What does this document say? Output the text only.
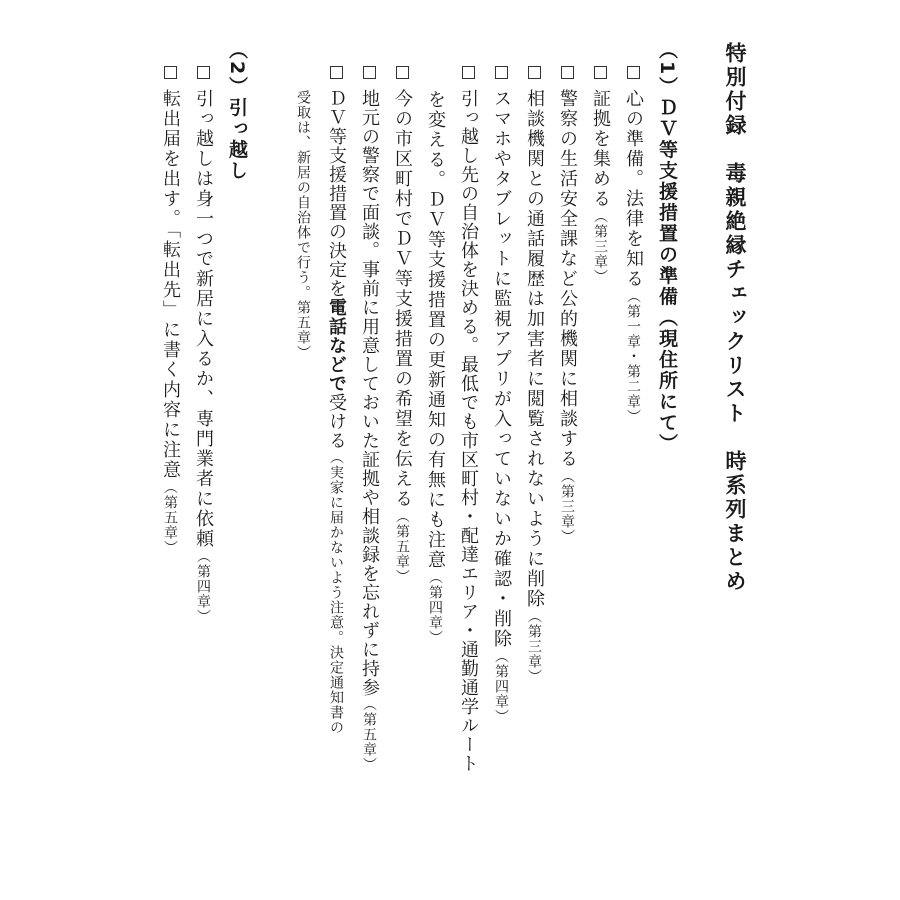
特別付録　毒親絶縁チェックリスト　時系列まとめ
（1）ＤＶ等支援措置の準備（現住所にて）
心の準備。法律を知る（第一章・第二章）
証拠を集める（第三章）
警察の生活安全課など公的機関に相談する（第三章）
相談機関との通話履歴は加害者に閲覧されないように削除（第三章）
スマホやタブレットに監視アプリが入っていないか確認・削除（第四章）
引っ越し先の自治体を決める。最低でも市区町村・配達エリア・通勤通学ルート
を変える。ＤＶ等支援措置の更新通知の有無にも注意（第四章）
今の市区町村でＤＶ等支援措置の希望を伝える（第五章）
地元の警察で面談。事前に用意しておいた証拠や相談録を忘れずに持参（第五章）
ＤＶ等支援措置の決定を電話などで受ける（実家に届かないよう注意。決定通知書の
受取は、新居の自治体で行う。第五章）
（2）引っ越し
引っ越しは身一つで新居に入るか、専門業者に依頼（第四章）
転出届を出す。「転出先」に書く内容に注意（第五章）
